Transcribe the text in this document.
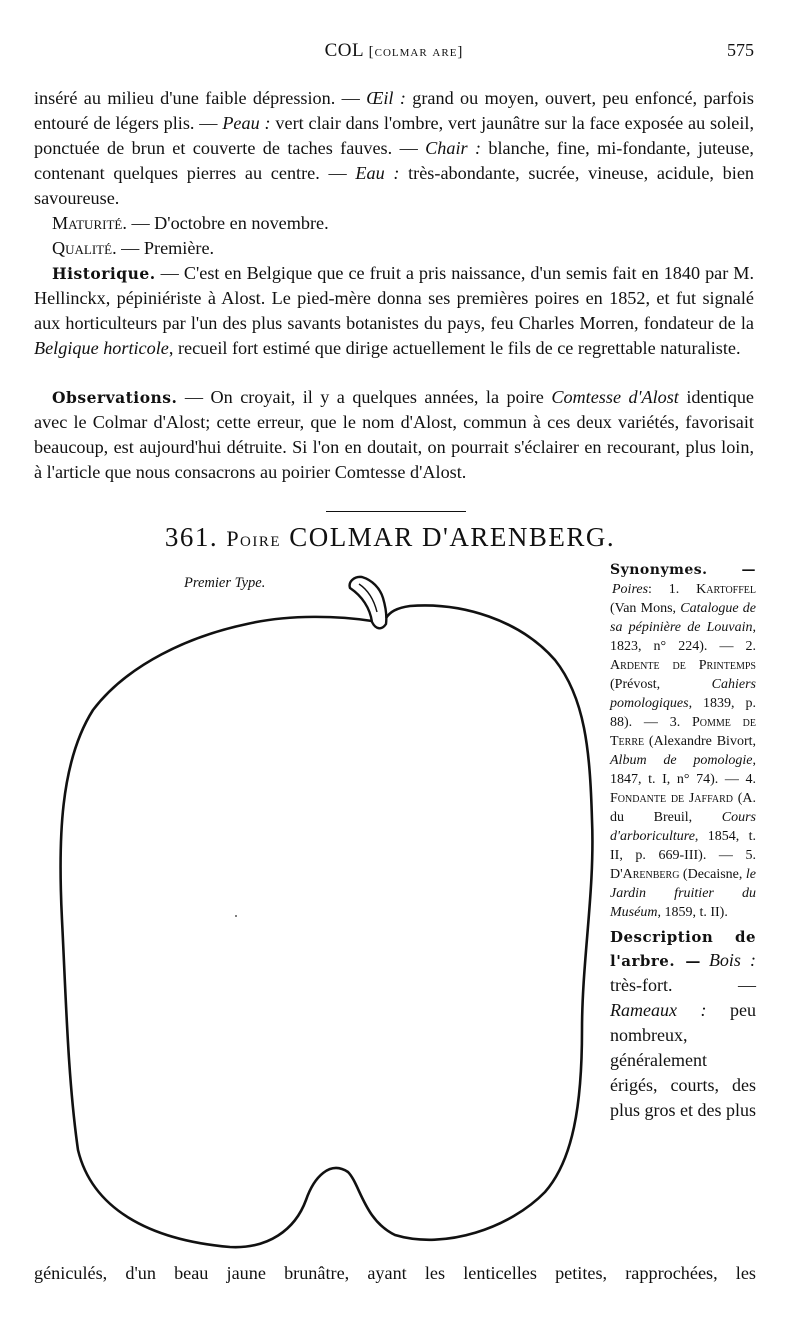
COL [colmar are]	575
inséré au milieu d'une faible dépression. — Œil : grand ou moyen, ouvert, peu enfoncé, parfois entouré de légers plis. — Peau : vert clair dans l'ombre, vert jaunâtre sur la face exposée au soleil, ponctuée de brun et couverte de taches fauves. — Chair : blanche, fine, mi-fondante, juteuse, contenant quelques pierres au centre. — Eau : très-abondante, sucrée, vineuse, acidule, bien savoureuse.
Maturité. — D'octobre en novembre.
Qualité. — Première.
Historique. — C'est en Belgique que ce fruit a pris naissance, d'un semis fait en 1840 par M. Hellinckx, pépiniériste à Alost. Le pied-mère donna ses premières poires en 1852, et fut signalé aux horticulteurs par l'un des plus savants botanistes du pays, feu Charles Morren, fondateur de la Belgique horticole, recueil fort estimé que dirige actuellement le fils de ce regrettable naturaliste.
Observations. — On croyait, il y a quelques années, la poire Comtesse d'Alost identique avec le Colmar d'Alost; cette erreur, que le nom d'Alost, commun à ces deux variétés, favorisait beaucoup, est aujourd'hui détruite. Si l'on en doutait, on pourrait s'éclairer en recourant, plus loin, à l'article que nous consacrons au poirier Comtesse d'Alost.
361. Poire COLMAR D'ARENBERG.
Premier Type.
Synonymes. — Poires: 1. Kartoffel (Van Mons, Catalogue de sa pépinière de Louvain, 1823, n° 224). — 2. Ardente de Printemps (Prévost, Cahiers pomologiques, 1839, p. 88). — 3. Pomme de Terre (Alexandre Bivort, Album de pomologie, 1847, t. I, n° 74). — 4. Fondante de Jaffard (A. du Breuil, Cours d'arboriculture, 1854, t. II, p. 669-III). — 5. D'Arenberg (Decaisne, le Jardin fruitier du Muséum, 1859, t. II).
Description de l'arbre. — Bois : très-fort. — Rameaux : peu nombreux, généralement érigés, courts, des plus gros et des plus
géniculés, d'un beau jaune brunâtre, ayant les lenticelles petites, rapprochées, les
